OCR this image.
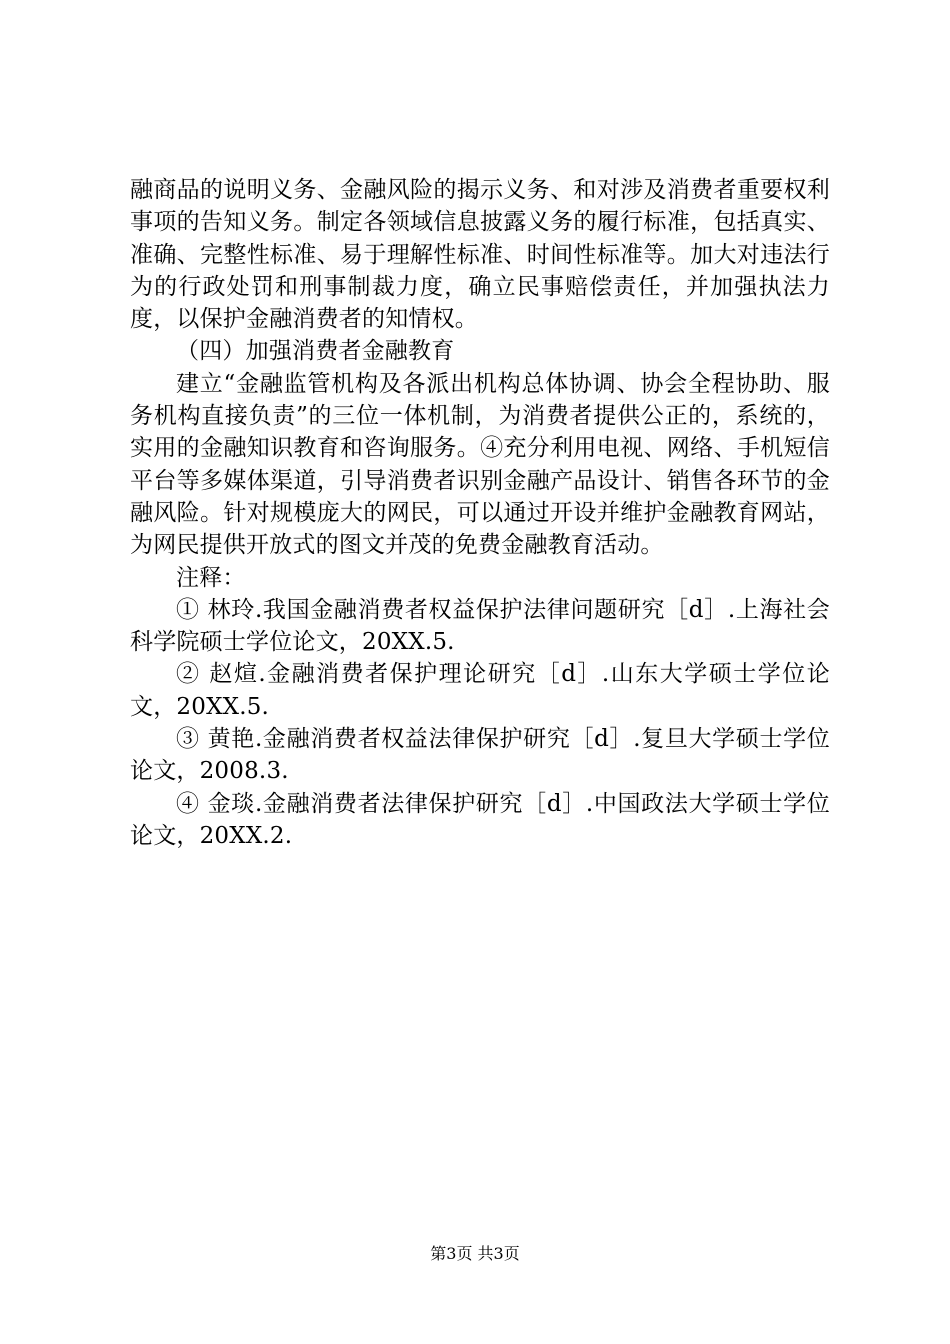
融商品的说明义务、金融风险的揭示义务、和对涉及消费者重要权利事项的告知义务。制定各领域信息披露义务的履行标准，包括真实、准确、完整性标准、易于理解性标准、时间性标准等。加大对违法行为的行政处罚和刑事制裁力度，确立民事赔偿责任，并加强执法力度，以保护金融消费者的知情权。

（四）加强消费者金融教育

建立“金融监管机构及各派出机构总体协调、协会全程协助、服务机构直接负责”的三位一体机制，为消费者提供公正的，系统的，实用的金融知识教育和咨询服务。④充分利用电视、网络、手机短信平台等多媒体渠道，引导消费者识别金融产品设计、销售各环节的金融风险。针对规模庞大的网民，可以通过开设并维护金融教育网站，为网民提供开放式的图文并茂的免费金融教育活动。

注释：

① 林玲.我国金融消费者权益保护法律问题研究［d］.上海社会科学院硕士学位论文，20XX.5.

② 赵煊.金融消费者保护理论研究［d］.山东大学硕士学位论文，20XX.5.

③ 黄艳.金融消费者权益法律保护研究［d］.复旦大学硕士学位论文，2008.3.

④ 金琰.金融消费者法律保护研究［d］.中国政法大学硕士学位论文，20XX.2.

第3页 共3页
